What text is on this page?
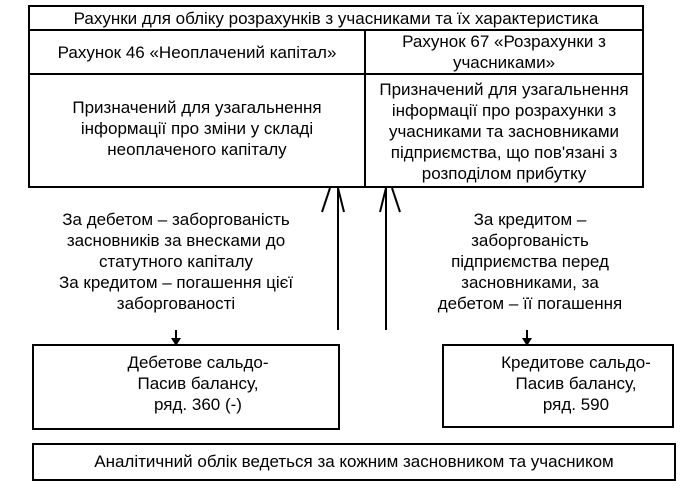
Рахунки для обліку розрахунків з учасниками та їх характеристика
Рахунок 46 «Неоплачений капітал»
Рахунок 67 «Розрахунки з
учасниками»
Призначений для узагальнення
інформації про зміни у складі
неоплаченого капіталу
Призначений для узагальнення
інформації про розрахунки з
учасниками та засновниками
підприємства, що пов'язані з
розподілом прибутку
За дебетом – заборгованість
засновників за внесками до
статутного капіталу
За кредитом – погашення цієї
заборгованості
За кредитом –
заборгованість
підприємства перед
засновниками, за
дебетом – її погашення
Дебетове сальдо-
Пасив балансу,
ряд. 360 (-)
Кредитове сальдо-
Пасив балансу,
ряд. 590
Аналітичний облік ведеться за кожним засновником та учасником
